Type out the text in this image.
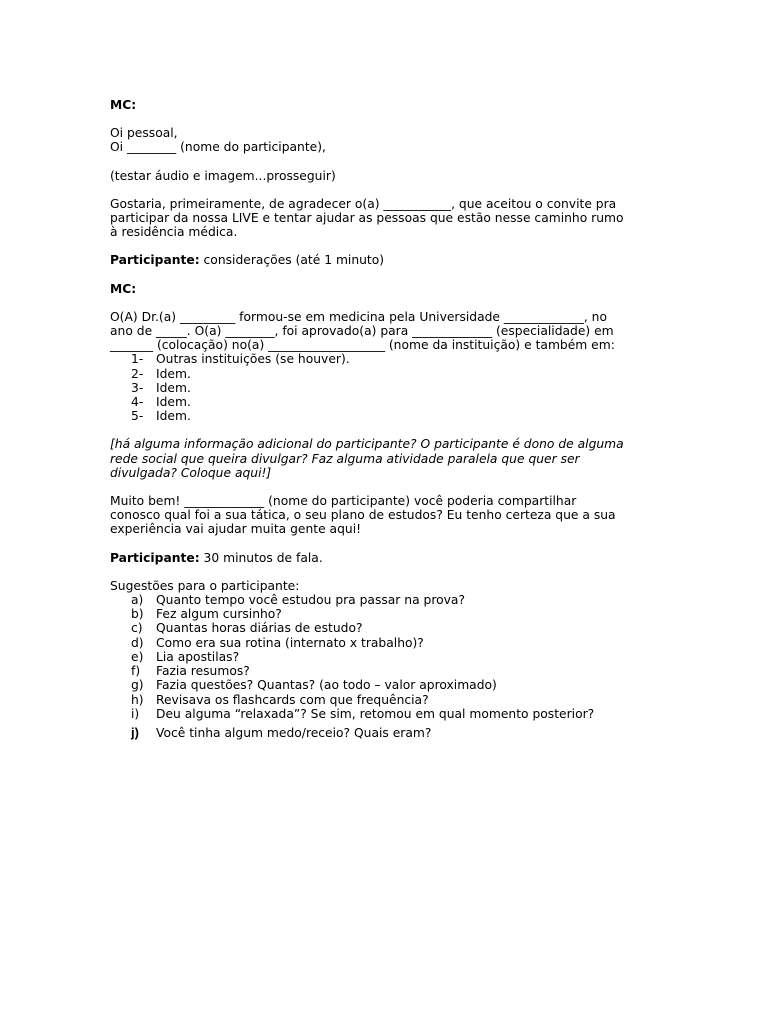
MC:
Oi pessoal,
Oi ________ (nome do participante),
(testar áudio e imagem...prosseguir)
Gostaria, primeiramente, de agradecer o(a) ___________, que aceitou o convite pra
participar da nossa LIVE e tentar ajudar as pessoas que estão nesse caminho rumo
à residência médica.
Participante: considerações (até 1 minuto)
MC:
O(A) Dr.(a) _________ formou-se em medicina pela Universidade _____________, no
ano de _____. O(a) ________, foi aprovado(a) para _____________ (especialidade) em
_______ (colocação) no(a) ___________________ (nome da instituição) e também em:
1- Outras instituições (se houver).
2- Idem.
3- Idem.
4- Idem.
5- Idem.
[há alguma informação adicional do participante? O participante é dono de alguma
rede social que queira divulgar? Faz alguma atividade paralela que quer ser
divulgada? Coloque aqui!]
Muito bem! _____________ (nome do participante) você poderia compartilhar
conosco qual foi a sua tática, o seu plano de estudos? Eu tenho certeza que a sua
experiência vai ajudar muita gente aqui!
Participante: 30 minutos de fala.
Sugestões para o participante:
a) Quanto tempo você estudou pra passar na prova?
b) Fez algum cursinho?
c) Quantas horas diárias de estudo?
d) Como era sua rotina (internato x trabalho)?
e) Lia apostilas?
f) Fazia resumos?
g) Fazia questões? Quantas? (ao todo – valor aproximado)
h) Revisava os flashcards com que frequência?
i) Deu alguma “relaxada”? Se sim, retomou em qual momento posterior?
j) Você tinha algum medo/receio? Quais eram?
